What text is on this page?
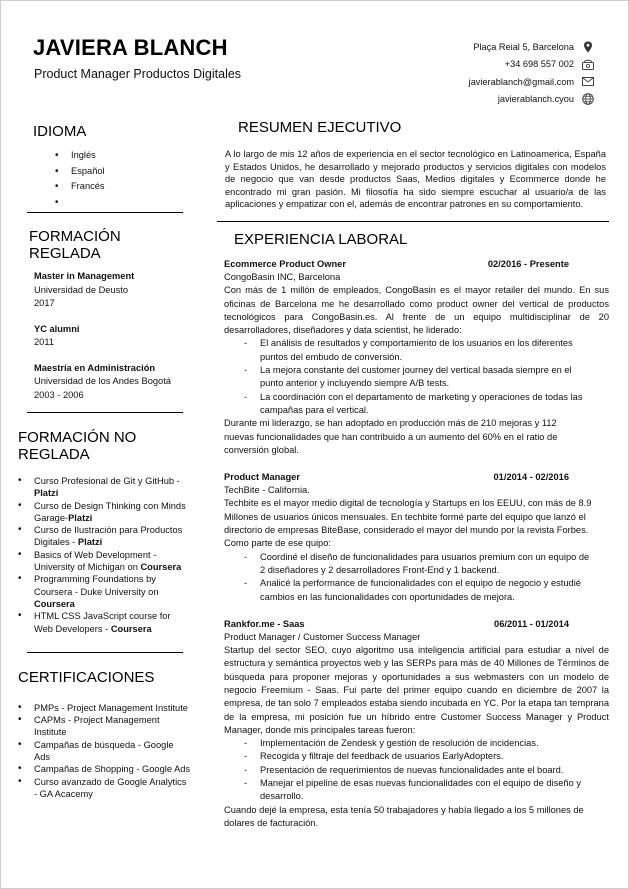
JAVIERA BLANCH
Product Manager Productos Digitales
Plaça Reial 5, Barcelona
+34 698 557 002
javierablanch@gmail.com
javierablanch.cyou
IDIOMA
• Inglés
• Español
• Francés
•
FORMACIÓN REGLADA
Master in Management
Universidad de Deusto
2017
YC alumni
2011
Maestría en Administración
Universidad de los Andes Bogotá
2003 - 2006
FORMACIÓN NO REGLADA
• Curso Profesional de Git y GitHub - Platzi
• Curso de Design Thinking con Minds Garage-Platzi
• Curso de Ilustración para Productos Digitales - Platzi
• Basics of Web Development - University of Michigan on Coursera
• Programming Foundations by Coursera - Duke University on Coursera
• HTML CSS JavaScript course for Web Developers - Coursera
CERTIFICACIONES
• PMPs - Project Management Institute
• CAPMs - Project Management Institute
• Campañas de búsqueda - Google Ads
• Campañas de Shopping - Google Ads
• Curso avanzado de Google Analytics - GA Acacemy
RESUMEN EJECUTIVO
A lo largo de mis 12 años de experiencia en el sector tecnológico en Latinoamerica, España y Estados Unidos, he desarrollado y mejorado productos y servicios digitales con modelos de negocio que van desde productos Saas, Medios digitales y Ecommerce donde he encontrado mi gran pasión. Mi filosofía ha sido siempre escuchar al usuario/a de las aplicaciones y empatizar con el, además de encontrar patrones en su comportamiento.
EXPERIENCIA LABORAL
Ecommerce Product Owner	02/2016 - Presente
CongoBasin INC, Barcelona
Con más de 1 millón de empleados, CongoBasin es el mayor retailer del mundo. En sus oficinas de Barcelona me he desarrollado como product owner del vertical de productos tecnológicos para CongoBasin.es. Al frente de un equipo multidisciplinar de 20 desarrolladores, diseñadores y data scientist, he liderado:
- El análisis de resultados y comportamiento de los usuarios en los diferentes puntos del embudo de conversión.
- La mejora constante del customer journey del vertical basada siempre en el punto anterior y incluyendo siempre A/B tests.
- La coordinación con el departamento de marketing y operaciones de todas las campañas para el vertical.
Durante mi liderazgo, se han adoptado en producción más de 210 mejoras y 112 nuevas funcionalidades que han contribuido a un aumento del 60% en el ratio de conversión global.
Product Manager	01/2014 - 02/2016
TechBite - California.
Techbite es el mayor medio digital de tecnología y Startups en los EEUU, con más de 8.9 Millones de usuarios únicos mensuales. En techbite formé parte del equipo que lanzó el directorio de empresas BiteBase, considerado el mayor del mundo por la revista Forbes. Como parte de ese quipo:
- Coordiné el diseño de funcionalidades para usuarios premium con un equipo de 2 diseñadores y 2 desarrolladores Front-End y 1 backend.
- Analicé la performance de funcionalidades con el equipo de negocio y estudié cambios en las funcionalidades con oportunidades de mejora.
Rankfor.me - Saas	06/2011 - 01/2014
Product Manager / Customer Success Manager
Startup del sector SEO, cuyo algoritmo usa inteligencia artificial para estudiar a nivel de estructura y semántica proyectos web y las SERPs para más de 40 Millones de Términos de búsqueda para proponer mejoras y oportunidades a sus webmasters con un modelo de negocio Freemium - Saas. Fui parte del primer equipo cuando en diciembre de 2007 la empresa, de tan solo 7 empleados estaba siendo incubada en YC. Por la etapa tan temprana de la empresa, mi posición fue un híbrido entre Customer Success Manager y Product Manager, donde mis principales tareas fueron:
- Implementación de Zendesk y gestión de resolución de incidencias.
- Recogida y filtraje del feedback de usuarios EarlyAdopters.
- Presentación de requerimientos de nuevas funcionalidades ante el board.
- Manejar el pipeline de esas nuevas funcionalidades con el equipo de diseño y desarrollo.
Cuando dejé la empresa, esta tenía 50 trabajadores y había llegado a los 5 millones de dolares de facturación.
